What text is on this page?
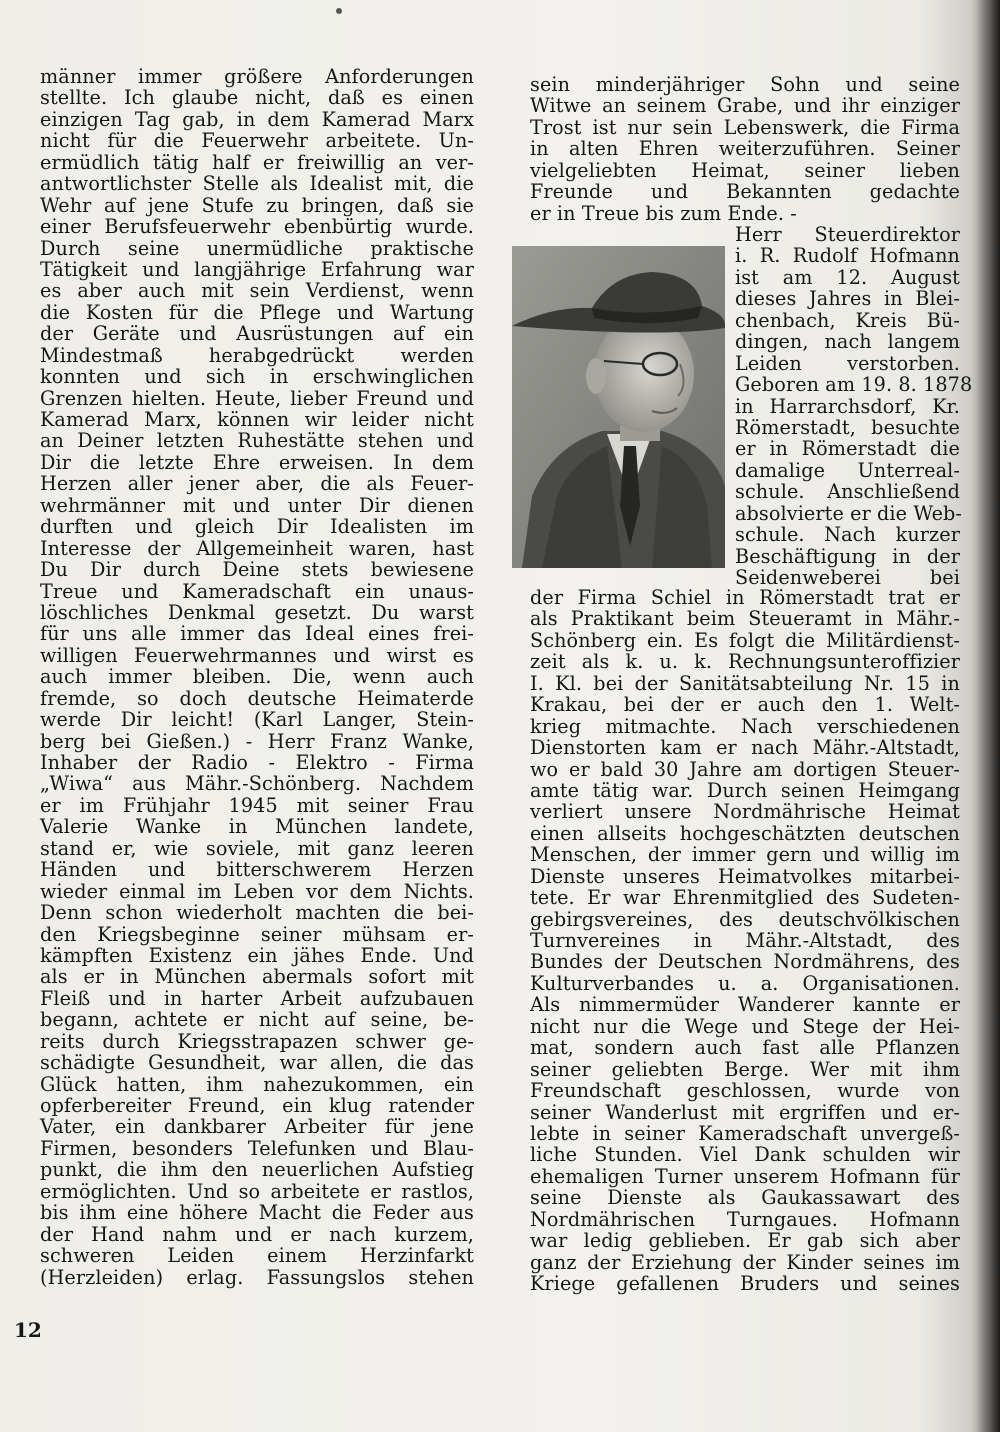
männer immer größere Anforderungen
stellte. Ich glaube nicht, daß es einen
einzigen Tag gab, in dem Kamerad Marx
nicht für die Feuerwehr arbeitete. Un-
ermüdlich tätig half er freiwillig an ver-
antwortlichster Stelle als Idealist mit, die
Wehr auf jene Stufe zu bringen, daß sie
einer Berufsfeuerwehr ebenbürtig wurde.
Durch seine unermüdliche praktische
Tätigkeit und langjährige Erfahrung war
es aber auch mit sein Verdienst, wenn
die Kosten für die Pflege und Wartung
der Geräte und Ausrüstungen auf ein
Mindestmaß herabgedrückt werden
konnten und sich in erschwinglichen
Grenzen hielten. Heute, lieber Freund und
Kamerad Marx, können wir leider nicht
an Deiner letzten Ruhestätte stehen und
Dir die letzte Ehre erweisen. In dem
Herzen aller jener aber, die als Feuer-
wehrmänner mit und unter Dir dienen
durften und gleich Dir Idealisten im
Interesse der Allgemeinheit waren, hast
Du Dir durch Deine stets bewiesene
Treue und Kameradschaft ein unaus-
löschliches Denkmal gesetzt. Du warst
für uns alle immer das Ideal eines frei-
willigen Feuerwehrmannes und wirst es
auch immer bleiben. Die, wenn auch
fremde, so doch deutsche Heimaterde
werde Dir leicht! (Karl Langer, Stein-
berg bei Gießen.) - Herr Franz Wanke,
Inhaber der Radio - Elektro - Firma
„Wiwa“ aus Mähr.-Schönberg. Nachdem
er im Frühjahr 1945 mit seiner Frau
Valerie Wanke in München landete,
stand er, wie soviele, mit ganz leeren
Händen und bitterschwerem Herzen
wieder einmal im Leben vor dem Nichts.
Denn schon wiederholt machten die bei-
den Kriegsbeginne seiner mühsam er-
kämpften Existenz ein jähes Ende. Und
als er in München abermals sofort mit
Fleiß und in harter Arbeit aufzubauen
begann, achtete er nicht auf seine, be-
reits durch Kriegsstrapazen schwer ge-
schädigte Gesundheit, war allen, die das
Glück hatten, ihm nahezukommen, ein
opferbereiter Freund, ein klug ratender
Vater, ein dankbarer Arbeiter für jene
Firmen, besonders Telefunken und Blau-
punkt, die ihm den neuerlichen Aufstieg
ermöglichten. Und so arbeitete er rastlos,
bis ihm eine höhere Macht die Feder aus
der Hand nahm und er nach kurzem,
schweren Leiden einem Herzinfarkt
(Herzleiden) erlag. Fassungslos stehen
sein minderjähriger Sohn und seine
Witwe an seinem Grabe, und ihr einziger
Trost ist nur sein Lebenswerk, die Firma
in alten Ehren weiterzuführen. Seiner
vielgeliebten Heimat, seiner lieben
Freunde und Bekannten gedachte
er in Treue bis zum Ende. -
Herr Steuerdirektor
i. R. Rudolf Hofmann
ist am 12. August
dieses Jahres in Blei-
chenbach, Kreis Bü-
dingen, nach langem
Leiden verstorben.
Geboren am 19. 8. 1878
in Harrarchsdorf, Kr.
Römerstadt, besuchte
er in Römerstadt die
damalige Unterreal-
schule. Anschließend
absolvierte er die Web-
schule. Nach kurzer
Beschäftigung in der
Seidenweberei bei
der Firma Schiel in Römerstadt trat er
als Praktikant beim Steueramt in Mähr.-
Schönberg ein. Es folgt die Militärdienst-
zeit als k. u. k. Rechnungsunteroffizier
I. Kl. bei der Sanitätsabteilung Nr. 15 in
Krakau, bei der er auch den 1. Welt-
krieg mitmachte. Nach verschiedenen
Dienstorten kam er nach Mähr.-Altstadt,
wo er bald 30 Jahre am dortigen Steuer-
amte tätig war. Durch seinen Heimgang
verliert unsere Nordmährische Heimat
einen allseits hochgeschätzten deutschen
Menschen, der immer gern und willig im
Dienste unseres Heimatvolkes mitarbei-
tete. Er war Ehrenmitglied des Sudeten-
gebirgsvereines, des deutschvölkischen
Turnvereines in Mähr.-Altstadt, des
Bundes der Deutschen Nordmährens, des
Kulturverbandes u. a. Organisationen.
Als nimmermüder Wanderer kannte er
nicht nur die Wege und Stege der Hei-
mat, sondern auch fast alle Pflanzen
seiner geliebten Berge. Wer mit ihm
Freundschaft geschlossen, wurde von
seiner Wanderlust mit ergriffen und er-
lebte in seiner Kameradschaft unvergeß-
liche Stunden. Viel Dank schulden wir
ehemaligen Turner unserem Hofmann für
seine Dienste als Gaukassawart des
Nordmährischen Turngaues. Hofmann
war ledig geblieben. Er gab sich aber
ganz der Erziehung der Kinder seines im
Kriege gefallenen Bruders und seines
12
